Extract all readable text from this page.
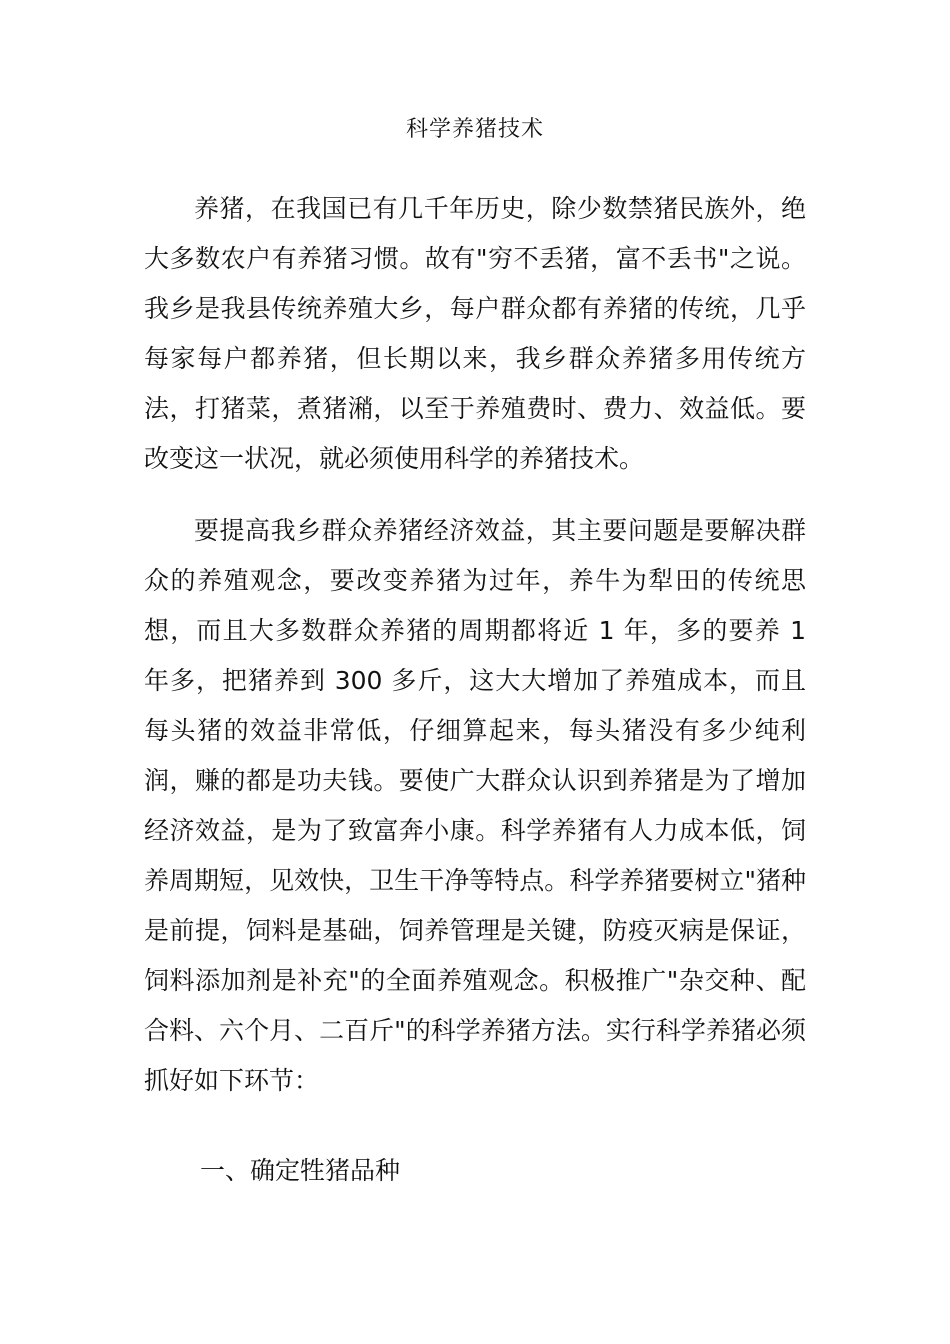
科学养猪技术

养猪，在我国已有几千年历史，除少数禁猪民族外，绝大多数农户有养猪习惯。故有"穷不丢猪，富不丢书"之说。我乡是我县传统养殖大乡，每户群众都有养猪的传统，几乎每家每户都养猪，但长期以来，我乡群众养猪多用传统方法，打猪菜，煮猪潲，以至于养殖费时、费力、效益低。要改变这一状况，就必须使用科学的养猪技术。

要提高我乡群众养猪经济效益，其主要问题是要解决群众的养殖观念，要改变养猪为过年，养牛为犁田的传统思想，而且大多数群众养猪的周期都将近 1 年，多的要养 1 年多，把猪养到 300 多斤，这大大增加了养殖成本，而且每头猪的效益非常低，仔细算起来，每头猪没有多少纯利润，赚的都是功夫钱。要使广大群众认识到养猪是为了增加经济效益，是为了致富奔小康。科学养猪有人力成本低，饲养周期短，见效快，卫生干净等特点。科学养猪要树立"猪种是前提，饲料是基础，饲养管理是关键，防疫灭病是保证，饲料添加剂是补充"的全面养殖观念。积极推广"杂交种、配合料、六个月、二百斤"的科学养猪方法。实行科学养猪必须抓好如下环节：

一、确定牲猪品种
